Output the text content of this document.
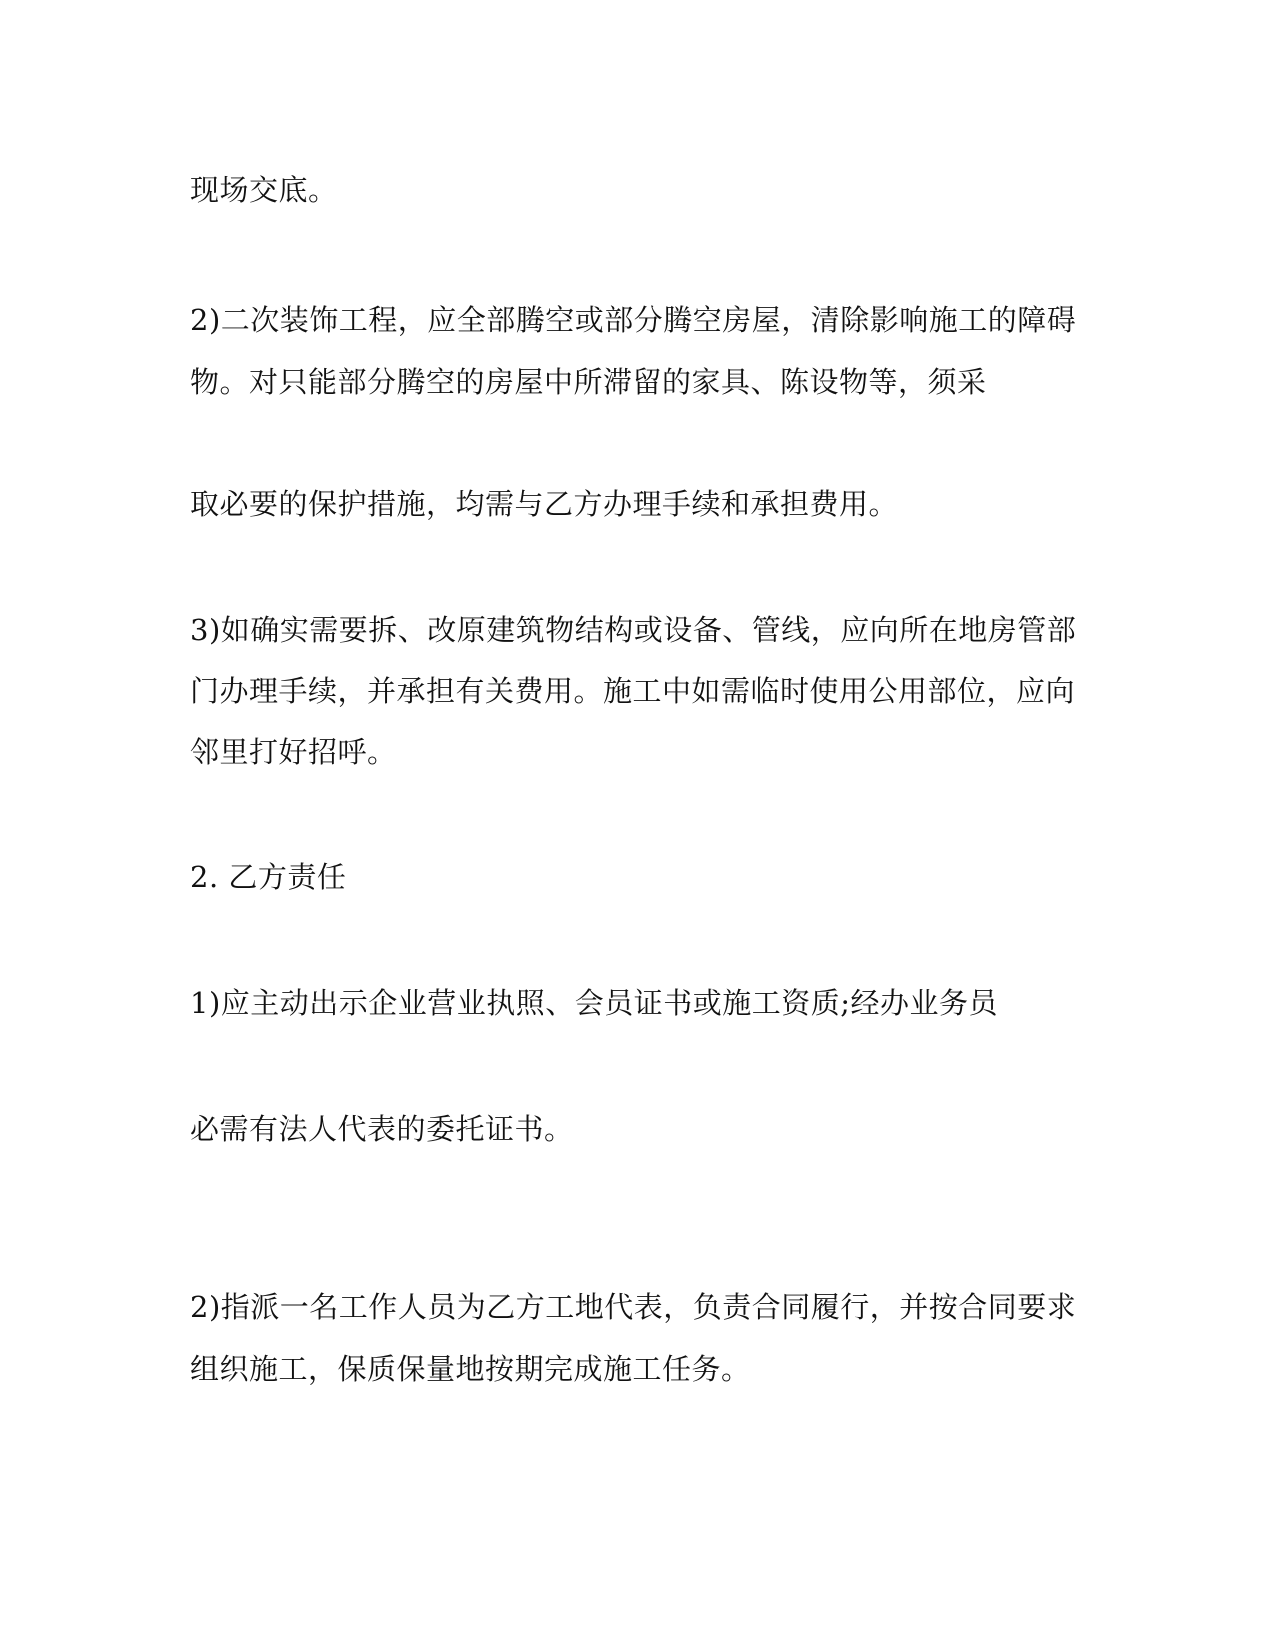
现场交底。

2)二次装饰工程，应全部腾空或部分腾空房屋，清除影响施工的障碍

物。对只能部分腾空的房屋中所滞留的家具、陈设物等，须采

取必要的保护措施，均需与乙方办理手续和承担费用。

3)如确实需要拆、改原建筑物结构或设备、管线，应向所在地房管部

门办理手续，并承担有关费用。施工中如需临时使用公用部位，应向

邻里打好招呼。

2. 乙方责任

1)应主动出示企业营业执照、会员证书或施工资质;经办业务员

必需有法人代表的委托证书。

2)指派一名工作人员为乙方工地代表，负责合同履行，并按合同要求

组织施工，保质保量地按期完成施工任务。
